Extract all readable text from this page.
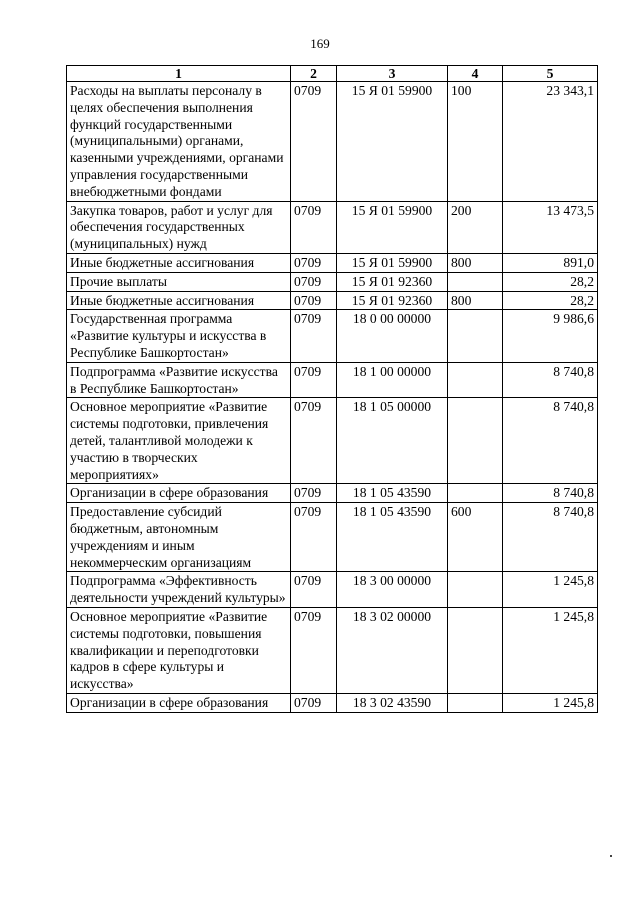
169
1	2	3	4	5
Расходы на выплаты персоналу в целях обеспечения выполнения функций государственными (муниципальными) органами, казенными учреждениями, органами управления государственными внебюджетными фондами	0709	15 Я 01 59900	100	23 343,1
Закупка товаров, работ и услуг для обеспечения государственных (муниципальных) нужд	0709	15 Я 01 59900	200	13 473,5
Иные бюджетные ассигнования	0709	15 Я 01 59900	800	891,0
Прочие выплаты	0709	15 Я 01 92360		28,2
Иные бюджетные ассигнования	0709	15 Я 01 92360	800	28,2
Государственная программа «Развитие культуры и искусства в Республике Башкортостан»	0709	18 0 00 00000		9 986,6
Подпрограмма «Развитие искусства в Республике Башкортостан»	0709	18 1 00 00000		8 740,8
Основное мероприятие «Развитие системы подготовки, привлечения детей, талантливой молодежи к участию в творческих мероприятиях»	0709	18 1 05 00000		8 740,8
Организации в сфере образования	0709	18 1 05 43590		8 740,8
Предоставление субсидий бюджетным, автономным учреждениям и иным некоммерческим организациям	0709	18 1 05 43590	600	8 740,8
Подпрограмма «Эффективность деятельности учреждений культуры»	0709	18 3 00 00000		1 245,8
Основное мероприятие «Развитие системы подготовки, повышения квалификации и переподготовки кадров в сфере культуры и искусства»	0709	18 3 02 00000		1 245,8
Организации в сфере образования	0709	18 3 02 43590		1 245,8
